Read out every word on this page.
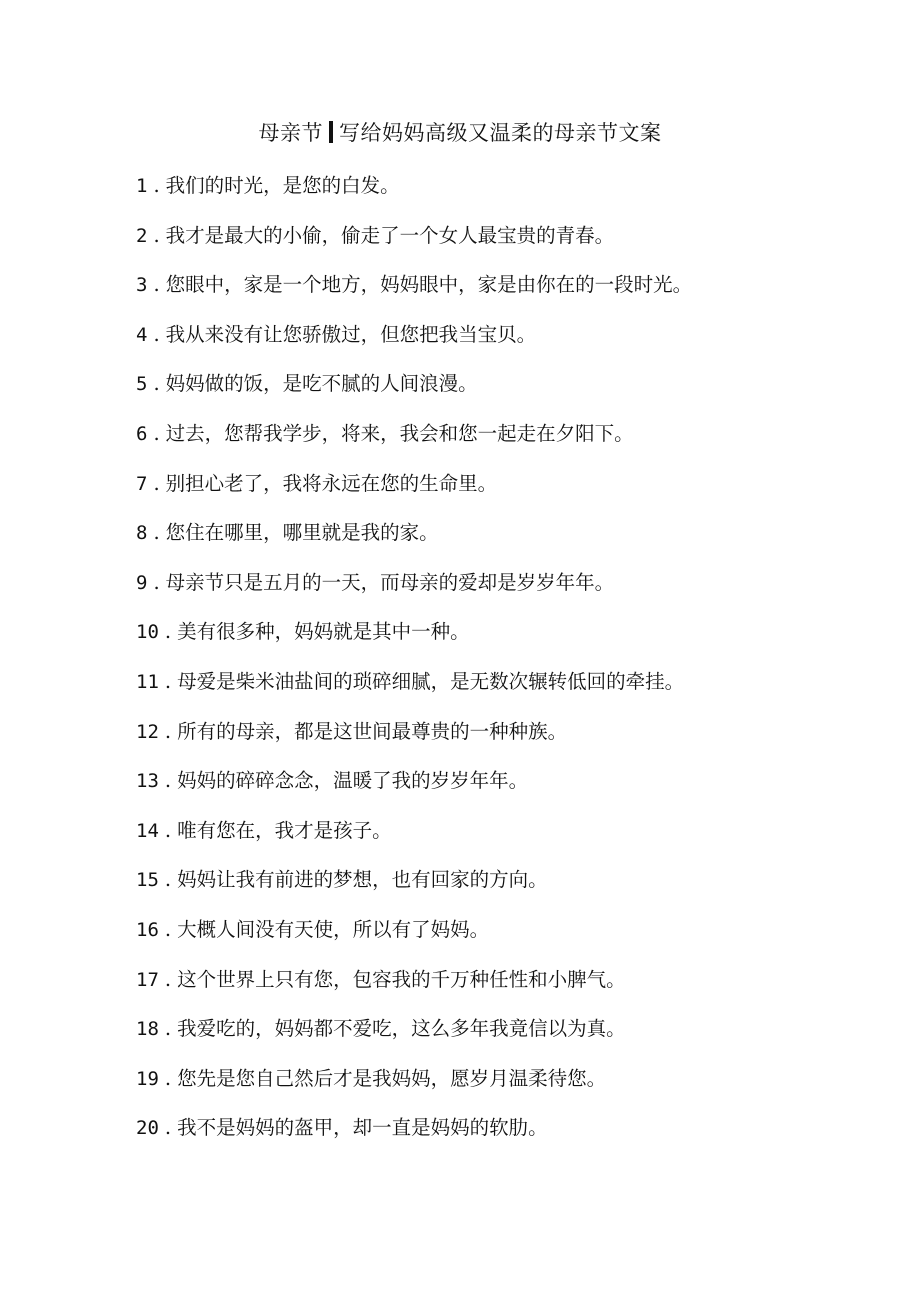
母亲节 写给妈妈高级又温柔的母亲节文案
1 . 我们的时光，是您的白发。
2 . 我才是最大的小偷，偷走了一个女人最宝贵的青春。
3 . 您眼中，家是一个地方，妈妈眼中，家是由你在的一段时光。
4 . 我从来没有让您骄傲过，但您把我当宝贝。
5 . 妈妈做的饭，是吃不腻的人间浪漫。
6 . 过去，您帮我学步，将来，我会和您一起走在夕阳下。
7 . 别担心老了，我将永远在您的生命里。
8 . 您住在哪里，哪里就是我的家。
9 . 母亲节只是五月的一天，而母亲的爱却是岁岁年年。
10 . 美有很多种，妈妈就是其中一种。
11 . 母爱是柴米油盐间的琐碎细腻，是无数次辗转低回的牵挂。
12 . 所有的母亲，都是这世间最尊贵的一种种族。
13 . 妈妈的碎碎念念，温暖了我的岁岁年年。
14 . 唯有您在，我才是孩子。
15 . 妈妈让我有前进的梦想，也有回家的方向。
16 . 大概人间没有天使，所以有了妈妈。
17 . 这个世界上只有您，包容我的千万种任性和小脾气。
18 . 我爱吃的，妈妈都不爱吃，这么多年我竟信以为真。
19 . 您先是您自己然后才是我妈妈，愿岁月温柔待您。
20 . 我不是妈妈的盔甲，却一直是妈妈的软肋。
